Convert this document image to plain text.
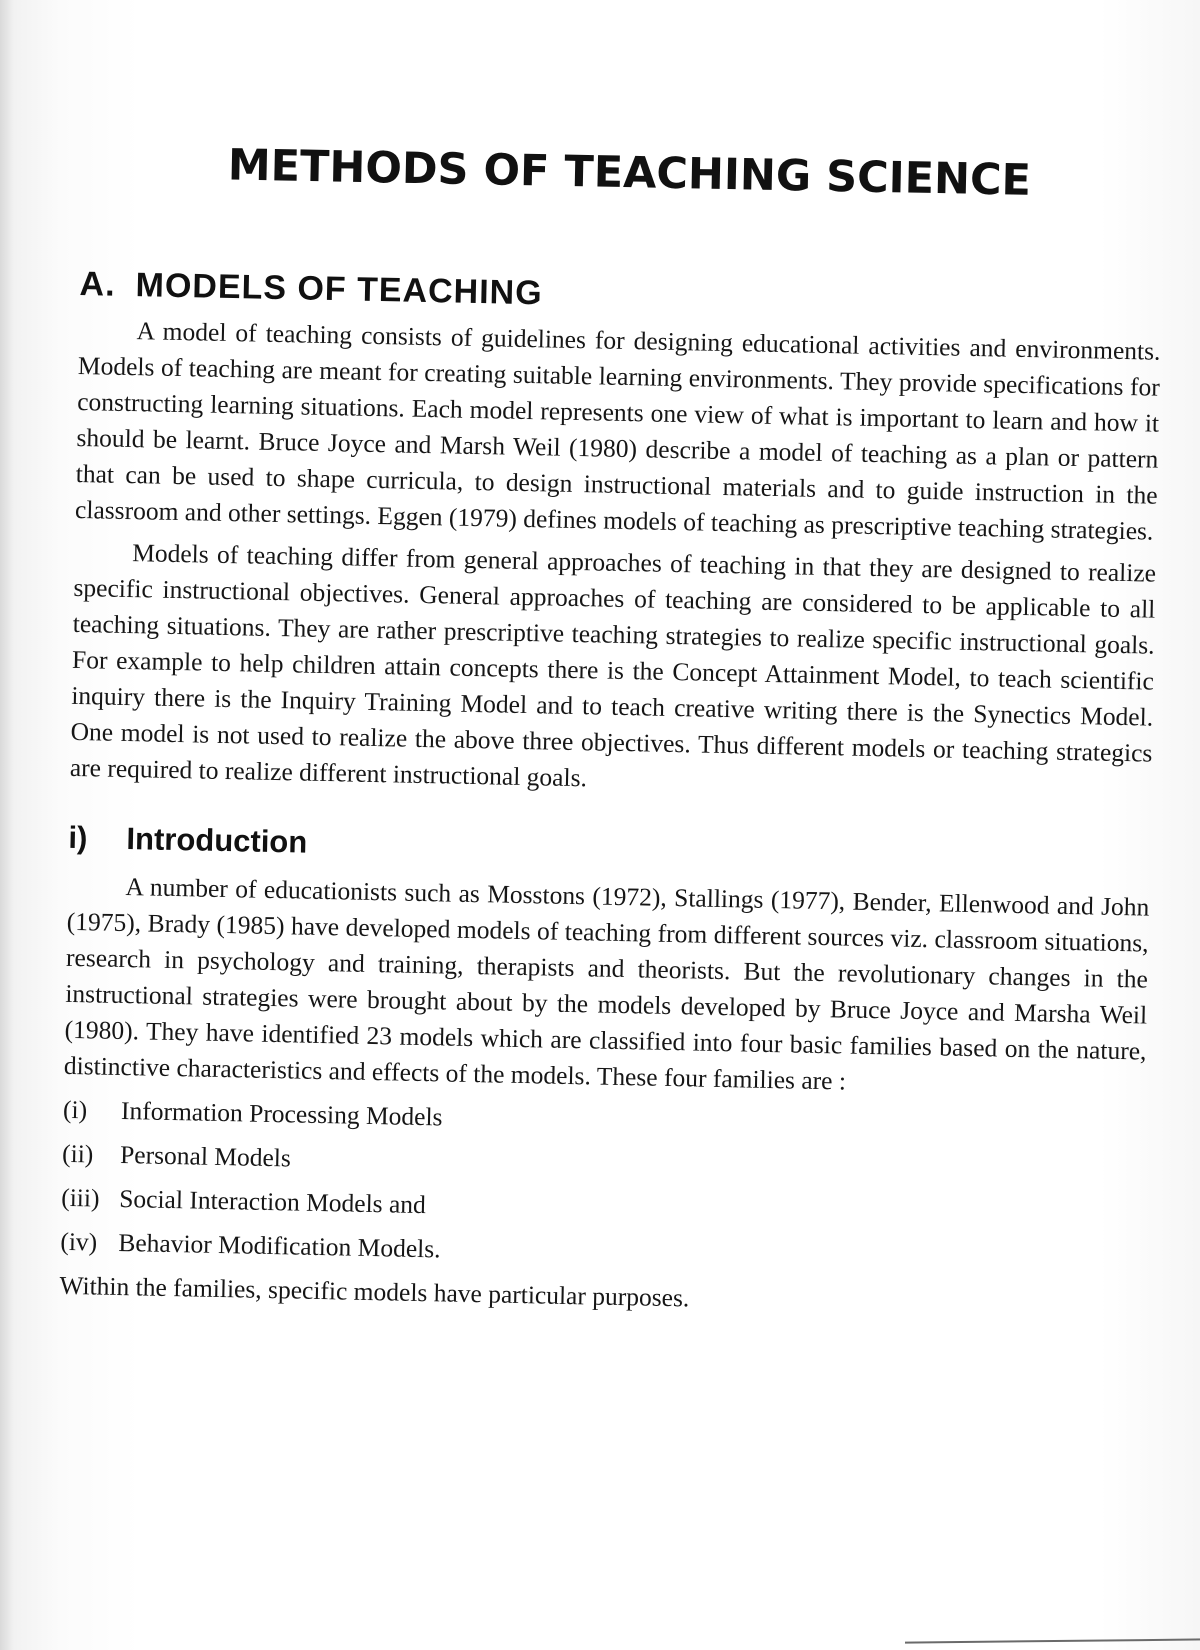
METHODS OF TEACHING SCIENCE
A. MODELS OF TEACHING

A model of teaching consists of guidelines for designing educational activities and environments. Models of teaching are meant for creating suitable learning environments. They provide specifications for constructing learning situations. Each model represents one view of what is important to learn and how it should be learnt. Bruce Joyce and Marsh Weil (1980) describe a model of teaching as a plan or pattern that can be used to shape curricula, to design instructional materials and to guide instruction in the classroom and other settings. Eggen (1979) defines models of teaching as prescriptive teaching strategies.

Models of teaching differ from general approaches of teaching in that they are designed to realize specific instructional objectives. General approaches of teaching are considered to be applicable to all teaching situations. They are rather prescriptive teaching strategies to realize specific instructional goals. For example to help children attain concepts there is the Concept Attainment Model, to teach scientific inquiry there is the Inquiry Training Model and to teach creative writing there is the Synectics Model. One model is not used to realize the above three objectives. Thus different models or teaching strategics are required to realize different instructional goals.

i) Introduction

A number of educationists such as Mosstons (1972), Stallings (1977), Bender, Ellenwood and John (1975), Brady (1985) have developed models of teaching from different sources viz. classroom situations, research in psychology and training, therapists and theorists. But the revolutionary changes in the instructional strategies were brought about by the models developed by Bruce Joyce and Marsha Weil (1980). They have identified 23 models which are classified into four basic families based on the nature, distinctive characteristics and effects of the models. These four families are :

(i) Information Processing Models
(ii) Personal Models
(iii) Social Interaction Models and
(iv) Behavior Modification Models.

Within the families, specific models have particular purposes.
